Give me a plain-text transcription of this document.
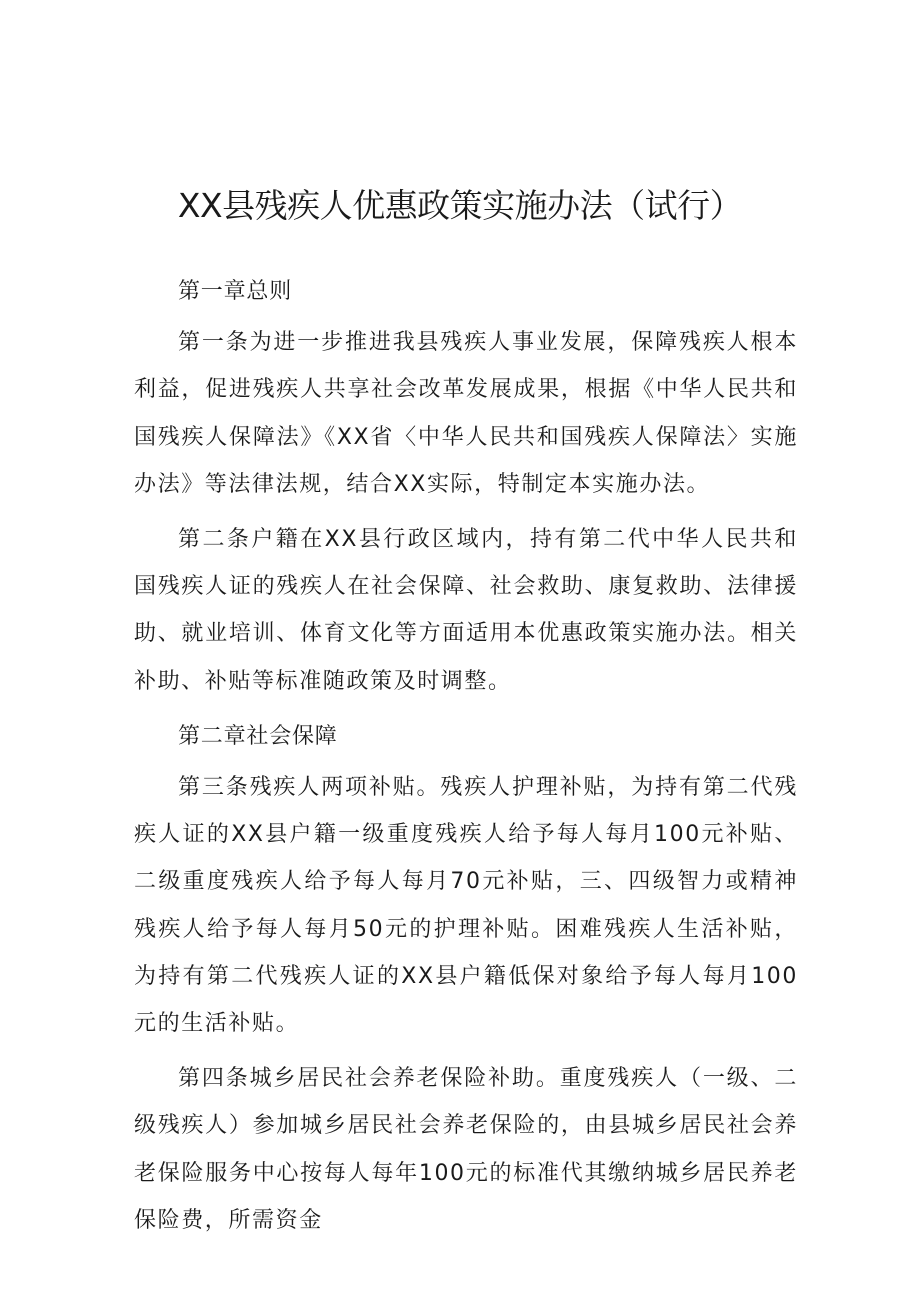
XX县残疾人优惠政策实施办法（试行）

第一章总则

第一条为进一步推进我县残疾人事业发展，保障残疾人根本利益，促进残疾人共享社会改革发展成果，根据《中华人民共和国残疾人保障法》《XX省〈中华人民共和国残疾人保障法〉实施办法》等法律法规，结合XX实际，特制定本实施办法。

第二条户籍在XX县行政区域内，持有第二代中华人民共和国残疾人证的残疾人在社会保障、社会救助、康复救助、法律援助、就业培训、体育文化等方面适用本优惠政策实施办法。相关补助、补贴等标准随政策及时调整。

第二章社会保障

第三条残疾人两项补贴。残疾人护理补贴，为持有第二代残疾人证的XX县户籍一级重度残疾人给予每人每月100元补贴、二级重度残疾人给予每人每月70元补贴，三、四级智力或精神残疾人给予每人每月50元的护理补贴。困难残疾人生活补贴，为持有第二代残疾人证的XX县户籍低保对象给予每人每月100元的生活补贴。

第四条城乡居民社会养老保险补助。重度残疾人（一级、二级残疾人）参加城乡居民社会养老保险的，由县城乡居民社会养老保险服务中心按每人每年100元的标准代其缴纳城乡居民养老保险费，所需资金
